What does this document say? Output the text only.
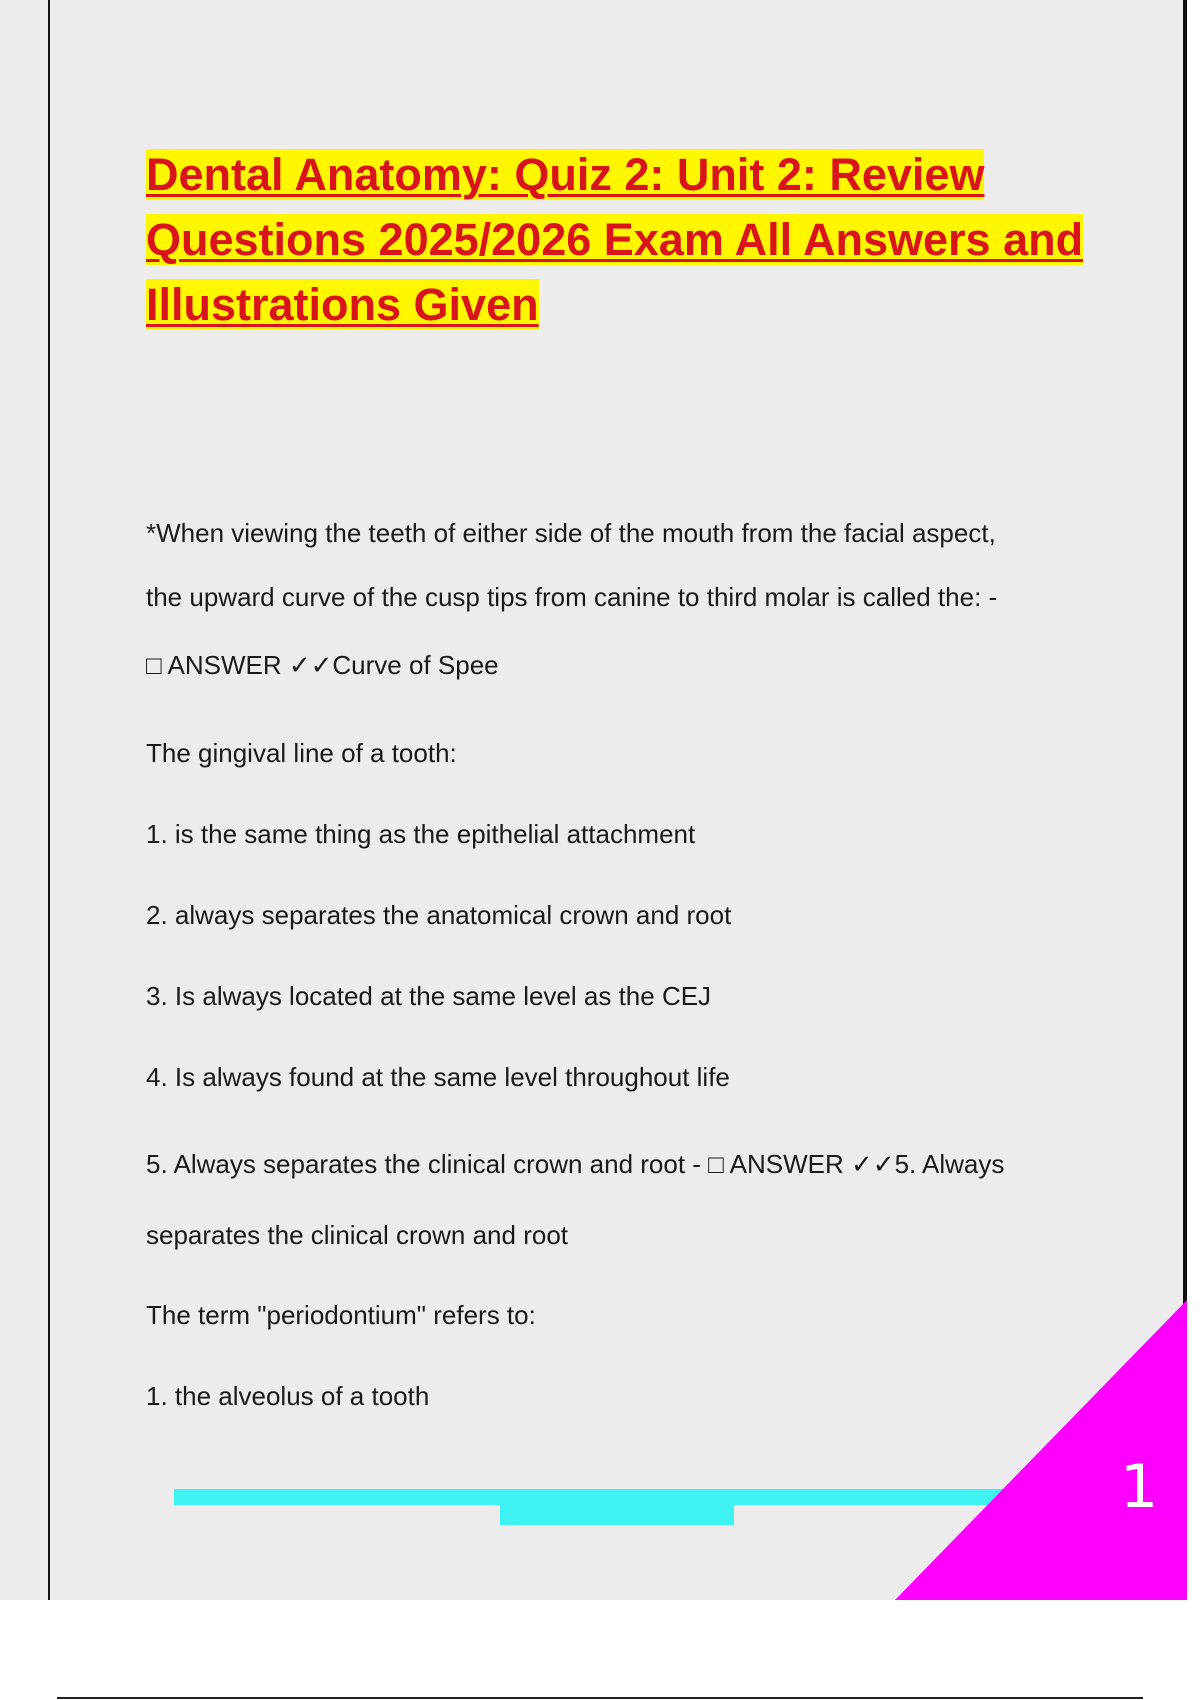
Dental Anatomy: Quiz 2: Unit 2: Review Questions 2025/2026 Exam All Answers and Illustrations Given
*When viewing the teeth of either side of the mouth from the facial aspect,
the upward curve of the cusp tips from canine to third molar is called the: -
□ ANSWER ✓✓Curve of Spee
The gingival line of a tooth:
1. is the same thing as the epithelial attachment
2. always separates the anatomical crown and root
3. Is always located at the same level as the CEJ
4. Is always found at the same level throughout life
5. Always separates the clinical crown and root - □ ANSWER ✓✓5. Always
separates the clinical crown and root
The term "periodontium" refers to:
1. the alveolus of a tooth
1
